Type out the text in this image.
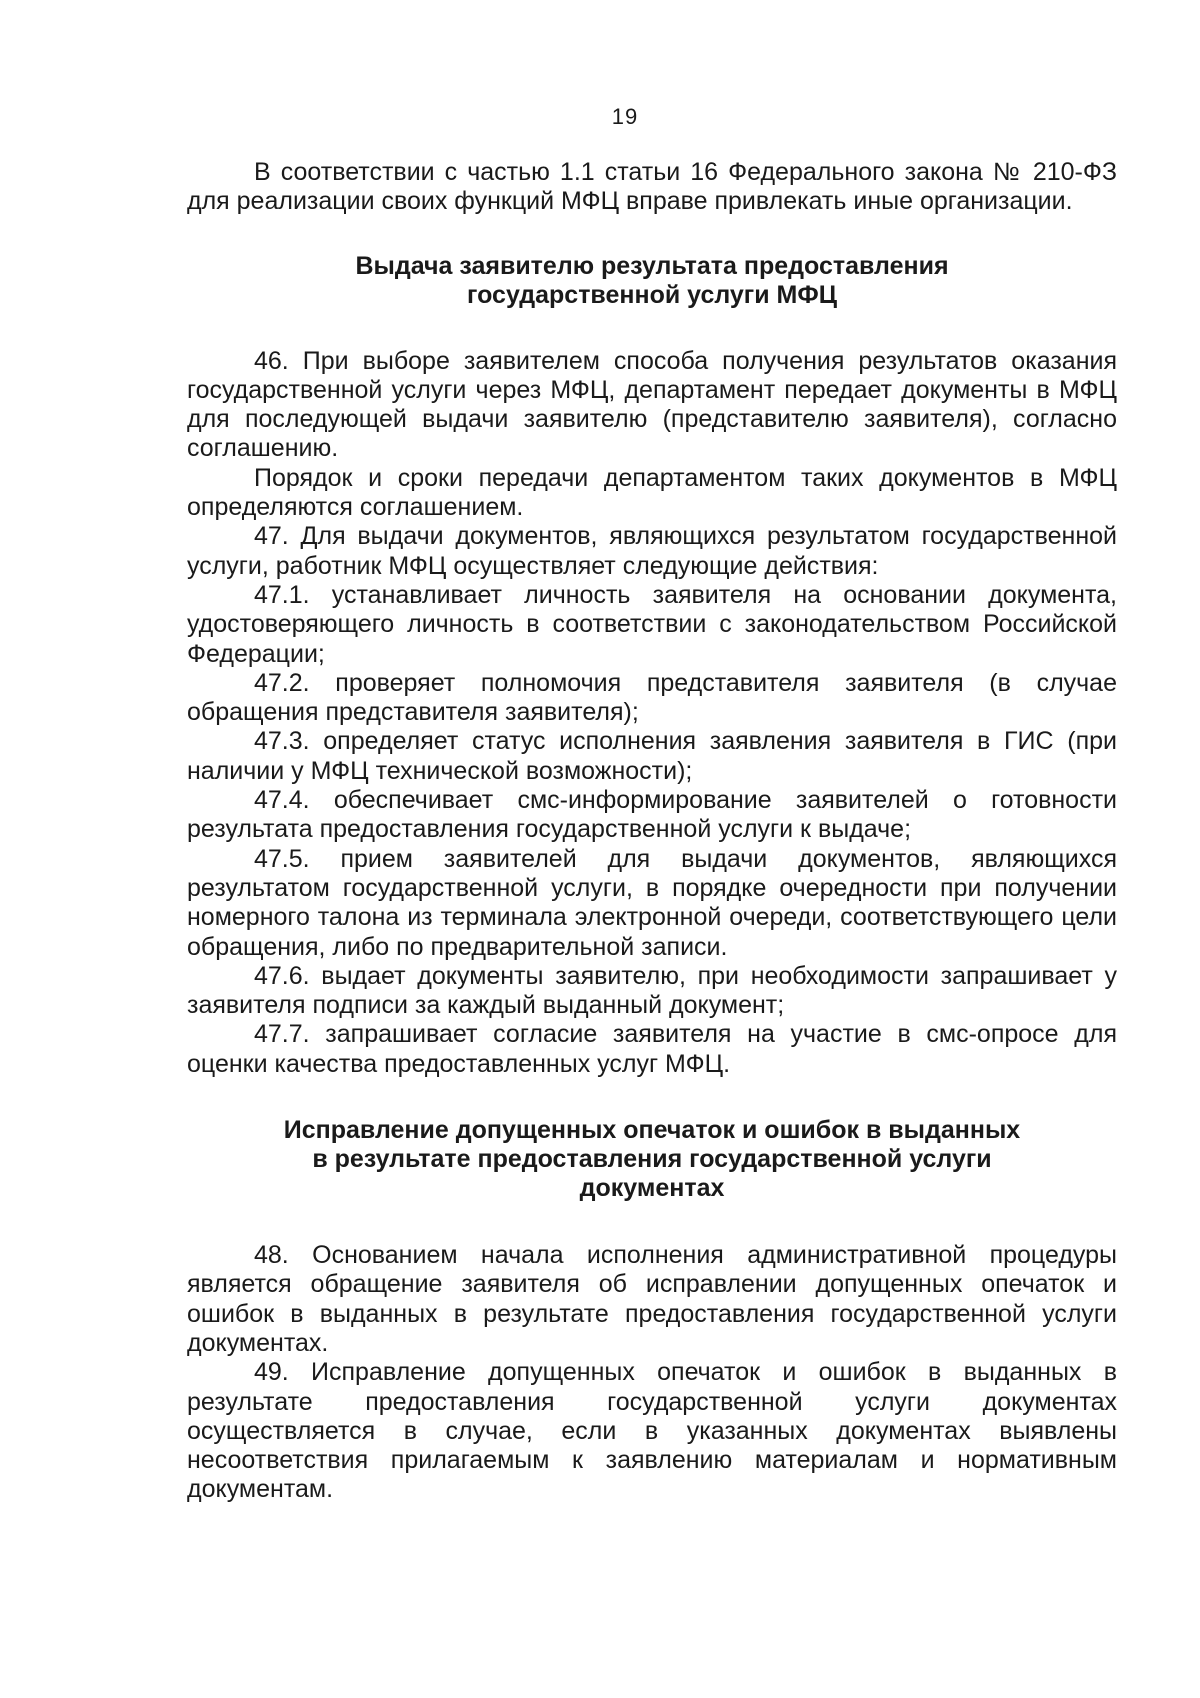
19

В соответствии с частью 1.1 статьи 16 Федерального закона № 210-ФЗ для реализации своих функций МФЦ вправе привлекать иные организации.

Выдача заявителю результата предоставления
государственной услуги МФЦ

46. При выборе заявителем способа получения результатов оказания государственной услуги через МФЦ, департамент передает документы в МФЦ для последующей выдачи заявителю (представителю заявителя), согласно соглашению.

Порядок и сроки передачи департаментом таких документов в МФЦ определяются соглашением.

47. Для выдачи документов, являющихся результатом государственной услуги, работник МФЦ осуществляет следующие действия:

47.1. устанавливает личность заявителя на основании документа, удостоверяющего личность в соответствии с законодательством Российской Федерации;

47.2. проверяет полномочия представителя заявителя (в случае обращения представителя заявителя);

47.3. определяет статус исполнения заявления заявителя в ГИС (при наличии у МФЦ технической возможности);

47.4. обеспечивает смс-информирование заявителей о готовности результата предоставления государственной услуги к выдаче;

47.5. прием заявителей для выдачи документов, являющихся результатом государственной услуги, в порядке очередности при получении номерного талона из терминала электронной очереди, соответствующего цели обращения, либо по предварительной записи.

47.6. выдает документы заявителю, при необходимости запрашивает у заявителя подписи за каждый выданный документ;

47.7. запрашивает согласие заявителя на участие в смс-опросе для оценки качества предоставленных услуг МФЦ.

Исправление допущенных опечаток и ошибок в выданных
в результате предоставления государственной услуги
документах

48. Основанием начала исполнения административной процедуры является обращение заявителя об исправлении допущенных опечаток и ошибок в выданных в результате предоставления государственной услуги документах.

49. Исправление допущенных опечаток и ошибок в выданных в результате предоставления государственной услуги документах осуществляется в случае, если в указанных документах выявлены несоответствия прилагаемым к заявлению материалам и нормативным документам.
